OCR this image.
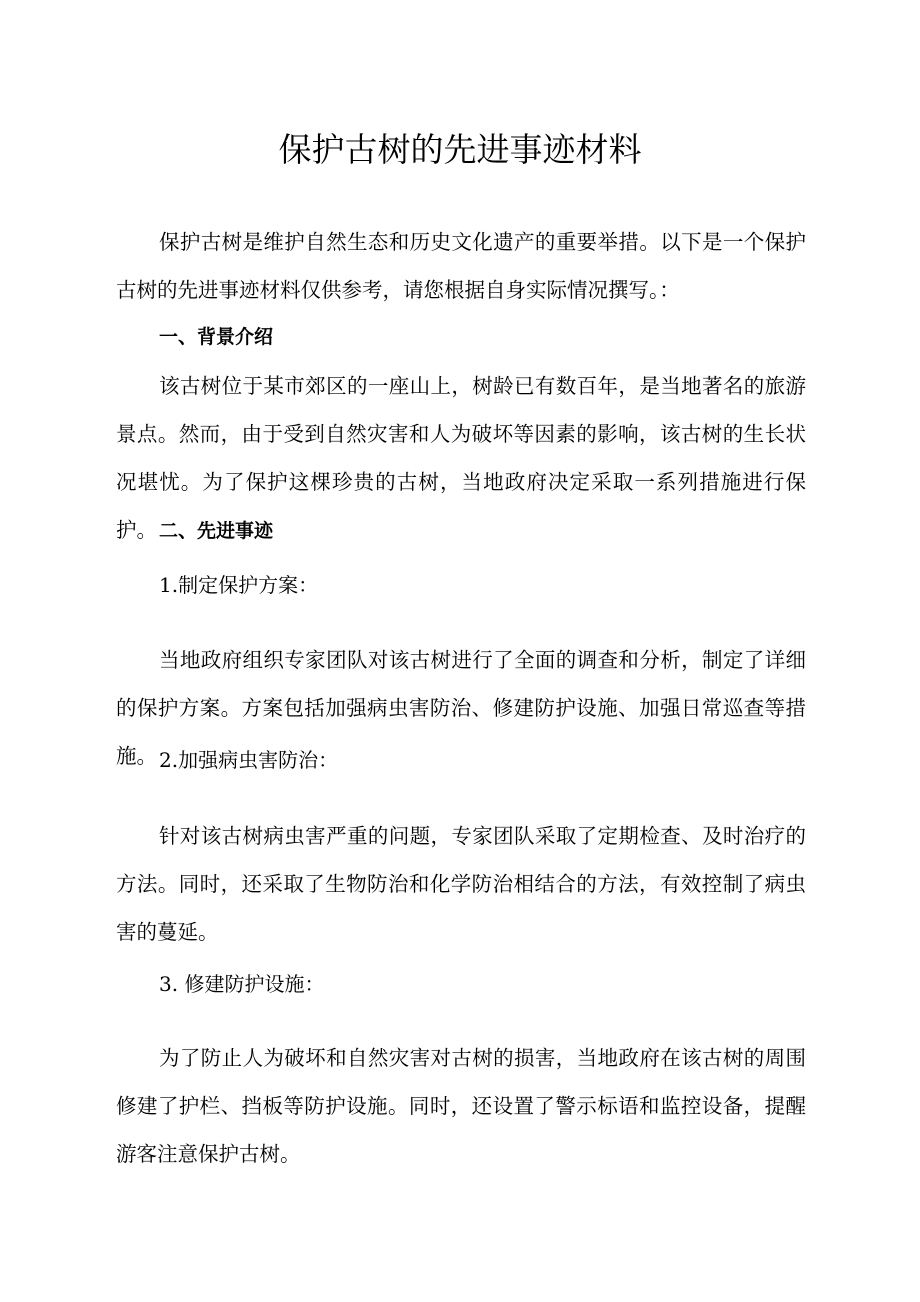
保护古树的先进事迹材料
保护古树是维护自然生态和历史文化遗产的重要举措。以下是一个保护古树的先进事迹材料仅供参考，请您根据自身实际情况撰写。：
一、背景介绍
该古树位于某市郊区的一座山上，树龄已有数百年，是当地著名的旅游景点。然而，由于受到自然灾害和人为破坏等因素的影响，该古树的生长状况堪忧。为了保护这棵珍贵的古树，当地政府决定采取一系列措施进行保护。 二、先进事迹
1.制定保护方案：
当地政府组织专家团队对该古树进行了全面的调查和分析，制定了详细的保护方案。方案包括加强病虫害防治、修建防护设施、加强日常巡查等措施。 2.加强病虫害防治：
针对该古树病虫害严重的问题，专家团队采取了定期检查、及时治疗的方法。同时，还采取了生物防治和化学防治相结合的方法，有效控制了病虫害的蔓延。
3. 修建防护设施：
为了防止人为破坏和自然灾害对古树的损害，当地政府在该古树的周围修建了护栏、挡板等防护设施。同时，还设置了警示标语和监控设备，提醒游客注意保护古树。
